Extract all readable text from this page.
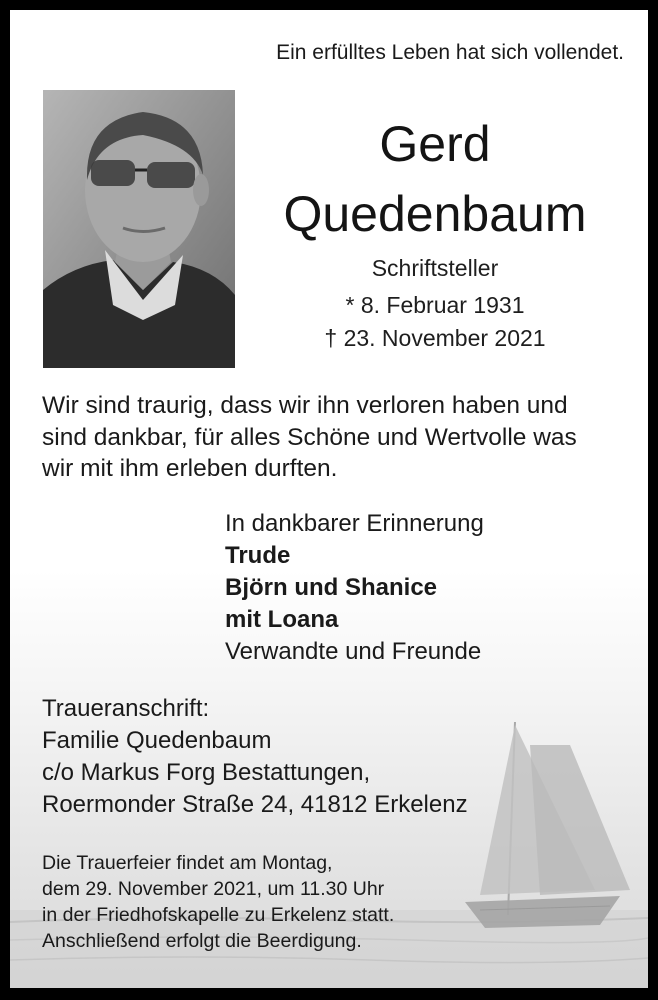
Ein erfülltes Leben hat sich vollendet.
Gerd
Quedenbaum
Schriftsteller
* 8. Februar 1931
† 23. November 2021
Wir sind traurig, dass wir ihn verloren haben und
sind dankbar, für alles Schöne und Wertvolle was
wir mit ihm erleben durften.
In dankbarer Erinnerung
Trude
Björn und Shanice
mit Loana
Verwandte und Freunde
Traueranschrift:
Familie Quedenbaum
c/o Markus Forg Bestattungen,
Roermonder Straße 24, 41812 Erkelenz
Die Trauerfeier findet am Montag,
dem 29. November 2021, um 11.30 Uhr
in der Friedhofskapelle zu Erkelenz statt.
Anschließend erfolgt die Beerdigung.
